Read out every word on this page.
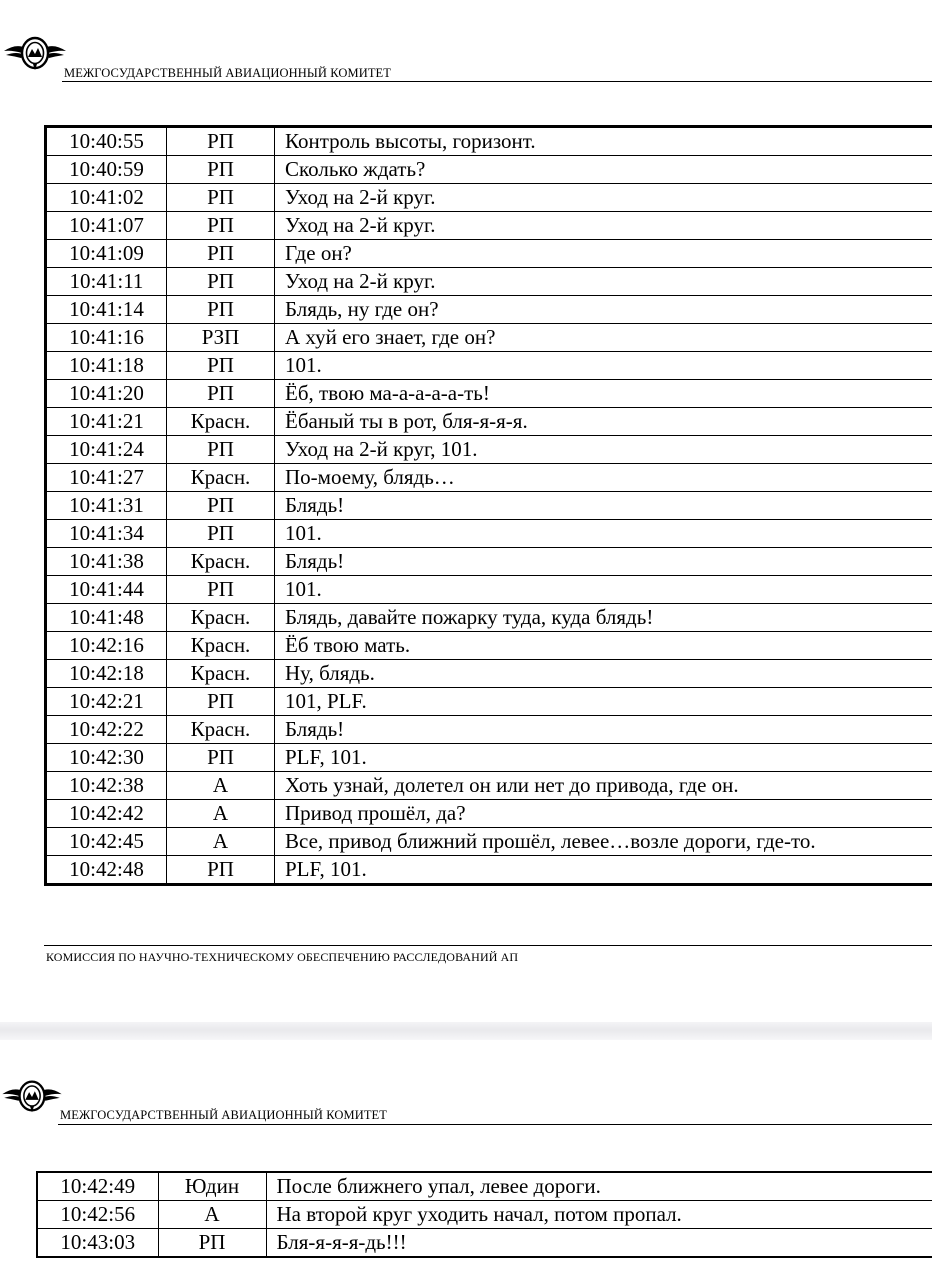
МЕЖГОСУДАРСТВЕННЫЙ АВИАЦИОННЫЙ КОМИТЕТ
10:40:55	РП	Контроль высоты, горизонт.
10:40:59	РП	Сколько ждать?
10:41:02	РП	Уход на 2-й круг.
10:41:07	РП	Уход на 2-й круг.
10:41:09	РП	Где он?
10:41:11	РП	Уход на 2-й круг.
10:41:14	РП	Блядь, ну где он?
10:41:16	РЗП	А хуй его знает, где он?
10:41:18	РП	101.
10:41:20	РП	Ёб, твою ма-а-а-а-а-ть!
10:41:21	Красн.	Ёбаный ты в рот, бля-я-я-я.
10:41:24	РП	Уход на 2-й круг, 101.
10:41:27	Красн.	По-моему, блядь…
10:41:31	РП	Блядь!
10:41:34	РП	101.
10:41:38	Красн.	Блядь!
10:41:44	РП	101.
10:41:48	Красн.	Блядь, давайте пожарку туда, куда блядь!
10:42:16	Красн.	Ёб твою мать.
10:42:18	Красн.	Ну, блядь.
10:42:21	РП	101, PLF.
10:42:22	Красн.	Блядь!
10:42:30	РП	PLF, 101.
10:42:38	А	Хоть узнай, долетел он или нет до привода, где он.
10:42:42	А	Привод прошёл, да?
10:42:45	А	Все, привод ближний прошёл, левее…возле дороги, где-то.
10:42:48	РП	PLF, 101.
КОМИССИЯ ПО НАУЧНО-ТЕХНИЧЕСКОМУ ОБЕСПЕЧЕНИЮ РАССЛЕДОВАНИЙ АП
МЕЖГОСУДАРСТВЕННЫЙ АВИАЦИОННЫЙ КОМИТЕТ
10:42:49	Юдин	После ближнего упал, левее дороги.
10:42:56	А	На второй круг уходить начал, потом пропал.
10:43:03	РП	Бля-я-я-я-дь!!!
